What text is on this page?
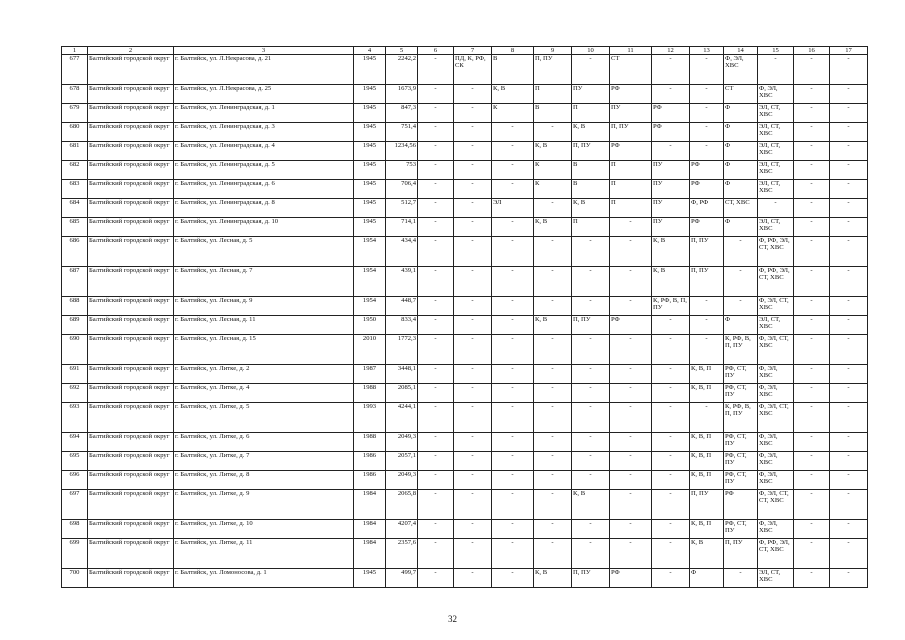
1	2	3	4	5	6	7	8	9	10	11	12	13	14	15	16	17
677	Балтийский городской округ	г. Балтийск, ул. Л.Некрасова, д. 21	1945	2242,2	-	ПД, К, РФ, СК	В	П, ПУ	-	СТ	-	-	Ф, ЭЛ, ХВС	-	-	-
678	Балтийский городской округ	г. Балтийск, ул. Л.Некрасова, д. 25	1945	1673,9	-	-	К, В	П	ПУ	РФ	-	-	СТ	Ф, ЭЛ, ХВС	-	-
679	Балтийский городской округ	г. Балтийск, ул. Ленинградская, д. 1	1945	847,3	-	-	К	В	П	ПУ	РФ	-	Ф	ЭЛ, СТ, ХВС	-	-
680	Балтийский городской округ	г. Балтийск, ул. Ленинградская, д. 3	1945	751,4	-	-	-	-	К, В	П, ПУ	РФ	-	Ф	ЭЛ, СТ, ХВС	-	-
681	Балтийский городской округ	г. Балтийск, ул. Ленинградская, д. 4	1945	1234,56	-	-	-	К, В	П, ПУ	РФ	-	-	Ф	ЭЛ, СТ, ХВС	-	-
682	Балтийский городской округ	г. Балтийск, ул. Ленинградская, д. 5	1945	753	-	-	-	К	В	П	ПУ	РФ	Ф	ЭЛ, СТ, ХВС	-	-
683	Балтийский городской округ	г. Балтийск, ул. Ленинградская, д. 6	1945	706,4	-	-	-	К	В	П	ПУ	РФ	Ф	ЭЛ, СТ, ХВС	-	-
684	Балтийский городской округ	г. Балтийск, ул. Ленинградская, д. 8	1945	512,7	-	-	ЭЛ	-	К, В	П	ПУ	Ф, РФ	СТ, ХВС	-	-	-
685	Балтийский городской округ	г. Балтийск, ул. Ленинградская, д. 10	1945	714,1	-	-	-	К, В	П	-	ПУ	РФ	Ф	ЭЛ, СТ, ХВС	-	-
686	Балтийский городской округ	г. Балтийск, ул. Лесная, д. 5	1954	434,4	-	-	-	-	-	-	К, В	П, ПУ	-	Ф, РФ, ЭЛ, СТ, ХВС	-	-
687	Балтийский городской округ	г. Балтийск, ул. Лесная, д. 7	1954	439,1	-	-	-	-	-	-	К, В	П, ПУ	-	Ф, РФ, ЭЛ, СТ, ХВС	-	-
688	Балтийский городской округ	г. Балтийск, ул. Лесная, д. 9	1954	448,7	-	-	-	-	-	-	К, РФ, В, П, ПУ	-	-	Ф, ЭЛ, СТ, ХВС	-	-
689	Балтийский городской округ	г. Балтийск, ул. Лесная, д. 11	1950	833,4	-	-	-	К, В	П, ПУ	РФ	-	-	Ф	ЭЛ, СТ, ХВС	-	-
690	Балтийский городской округ	г. Балтийск, ул. Лесная, д. 15	2010	1772,3	-	-	-	-	-	-	-	-	К, РФ, В, П, ПУ	Ф, ЭЛ, СТ, ХВС	-	-
691	Балтийский городской округ	г. Балтийск, ул. Литке, д. 2	1987	3448,1	-	-	-	-	-	-	-	К, В, П	РФ, СТ, ПУ	Ф, ЭЛ, ХВС	-	-
692	Балтийский городской округ	г. Балтийск, ул. Литке, д. 4	1988	2085,1	-	-	-	-	-	-	-	К, В, П	РФ, СТ, ПУ	Ф, ЭЛ, ХВС	-	-
693	Балтийский городской округ	г. Балтийск, ул. Литке, д. 5	1993	4244,1	-	-	-	-	-	-	-	-	К, РФ, В, П, ПУ	Ф, ЭЛ, СТ, ХВС	-	-
694	Балтийский городской округ	г. Балтийск, ул. Литке, д. 6	1988	2049,3	-	-	-	-	-	-	-	К, В, П	РФ, СТ, ПУ	Ф, ЭЛ, ХВС	-	-
695	Балтийский городской округ	г. Балтийск, ул. Литке, д. 7	1986	2057,1	-	-	-	-	-	-	-	К, В, П	РФ, СТ, ПУ	Ф, ЭЛ, ХВС	-	-
696	Балтийский городской округ	г. Балтийск, ул. Литке, д. 8	1986	2049,3	-	-	-	-	-	-	-	К, В, П	РФ, СТ, ПУ	Ф, ЭЛ, ХВС	-	-
697	Балтийский городской округ	г. Балтийск, ул. Литке, д. 9	1984	2065,8	-	-	-	-	К, В	-	-	П, ПУ	РФ	Ф, ЭЛ, СТ, СТ, ХВС	-	-
698	Балтийский городской округ	г. Балтийск, ул. Литке, д. 10	1984	4207,4	-	-	-	-	-	-	-	К, В, П	РФ, СТ, ПУ	Ф, ЭЛ, ХВС	-	-
699	Балтийский городской округ	г. Балтийск, ул. Литке, д. 11	1984	2357,6	-	-	-	-	-	-	-	К, В	П, ПУ	Ф, РФ, ЭЛ, СТ, ХВС	-	-
700	Балтийский городской округ	г. Балтийск, ул. Ломоносова, д. 1	1945	499,7	-	-	-	К, В	П, ПУ	РФ	-	Ф	-	ЭЛ, СТ, ХВС	-	-
32
